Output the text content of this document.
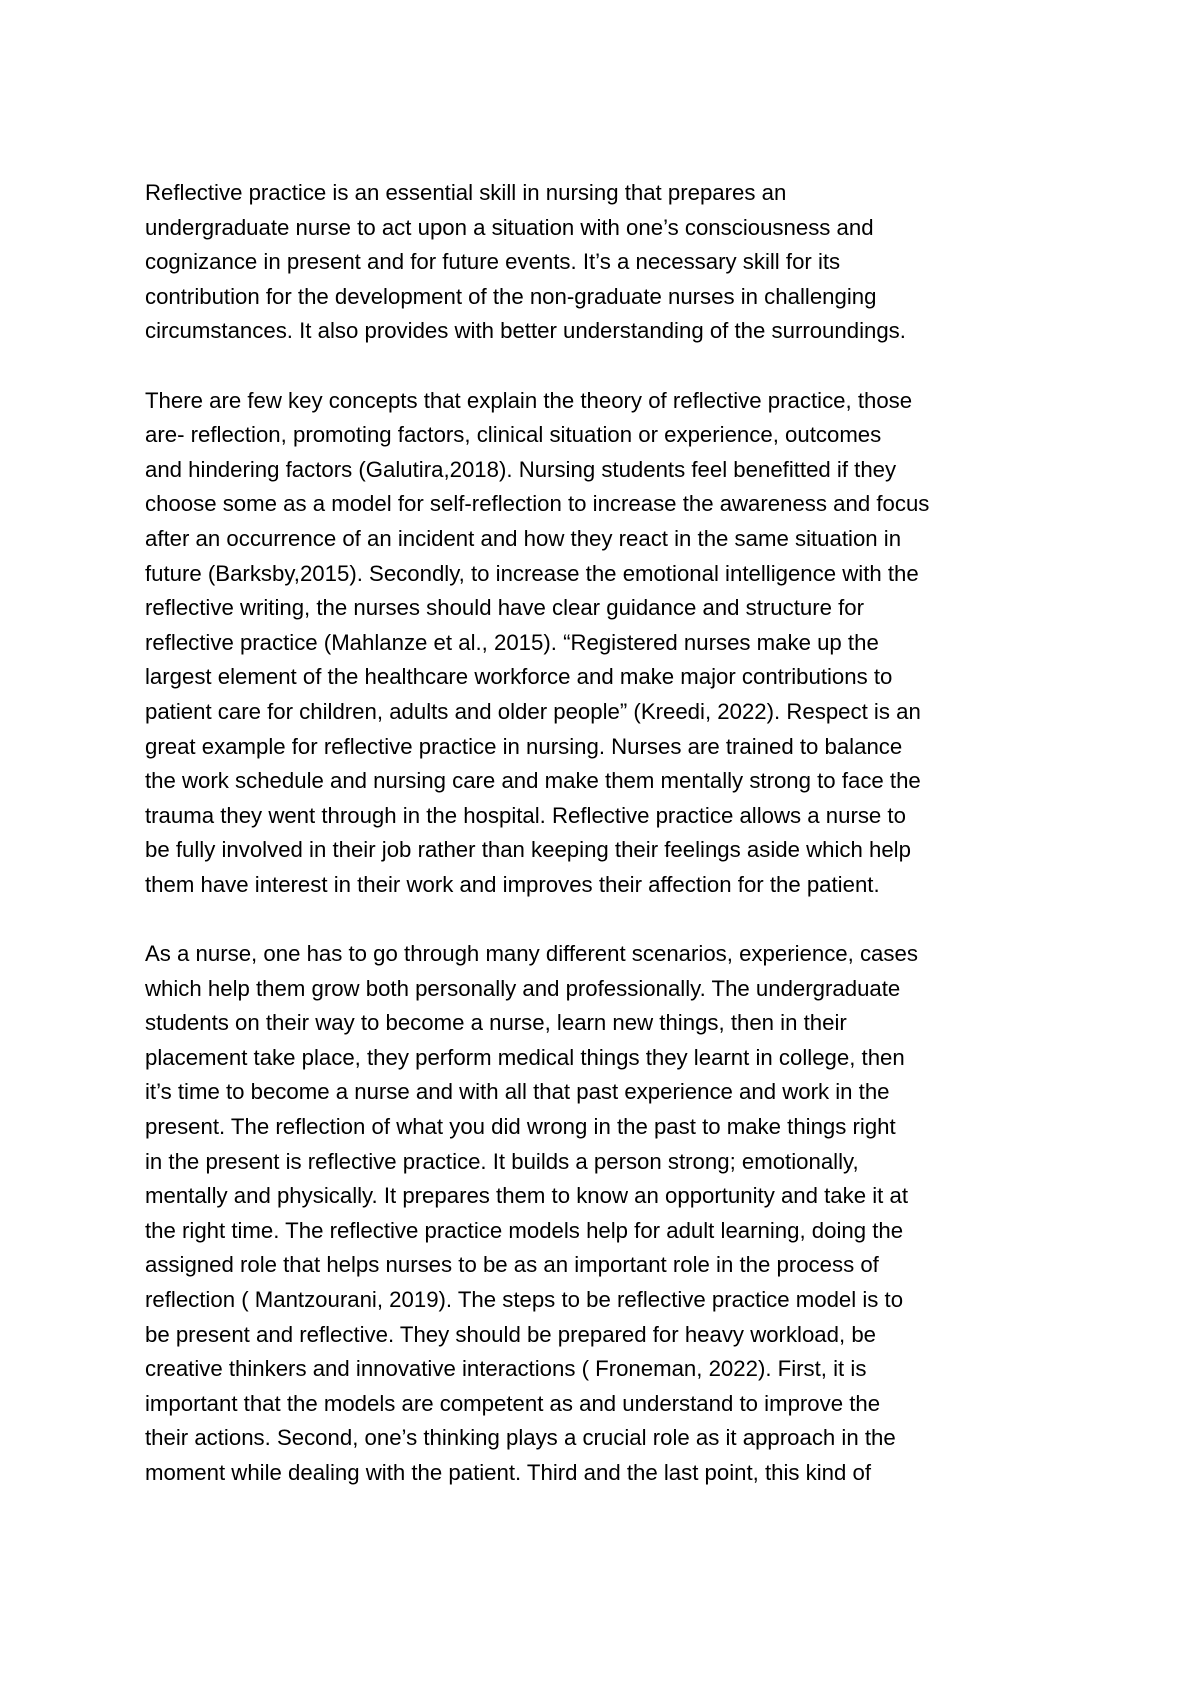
Reflective practice is an essential skill in nursing that prepares an
undergraduate nurse to act upon a situation with one’s consciousness and
cognizance in present and for future events. It’s a necessary skill for its
contribution for the development of the non-graduate nurses in challenging
circumstances. It also provides with better understanding of the surroundings.

There are few key concepts that explain the theory of reflective practice, those
are- reflection, promoting factors, clinical situation or experience, outcomes
and hindering factors (Galutira,2018). Nursing students feel benefitted if they
choose some as a model for self-reflection to increase the awareness and focus
after an occurrence of an incident and how they react in the same situation in
future (Barksby,2015). Secondly, to increase the emotional intelligence with the
reflective writing, the nurses should have clear guidance and structure for
reflective practice (Mahlanze et al., 2015). “Registered nurses make up the
largest element of the healthcare workforce and make major contributions to
patient care for children, adults and older people” (Kreedi, 2022). Respect is an
great example for reflective practice in nursing. Nurses are trained to balance
the work schedule and nursing care and make them mentally strong to face the
trauma they went through in the hospital. Reflective practice allows a nurse to
be fully involved in their job rather than keeping their feelings aside which help
them have interest in their work and improves their affection for the patient.

As a nurse, one has to go through many different scenarios, experience, cases
which help them grow both personally and professionally. The undergraduate
students on their way to become a nurse, learn new things, then in their
placement take place, they perform medical things they learnt in college, then
it’s time to become a nurse and with all that past experience and work in the
present. The reflection of what you did wrong in the past to make things right
in the present is reflective practice. It builds a person strong; emotionally,
mentally and physically. It prepares them to know an opportunity and take it at
the right time. The reflective practice models help for adult learning, doing the
assigned role that helps nurses to be as an important role in the process of
reflection ( Mantzourani, 2019). The steps to be reflective practice model is to
be present and reflective. They should be prepared for heavy workload, be
creative thinkers and innovative interactions ( Froneman, 2022). First, it is
important that the models are competent as and understand to improve the
their actions. Second, one’s thinking plays a crucial role as it approach in the
moment while dealing with the patient. Third and the last point, this kind of
